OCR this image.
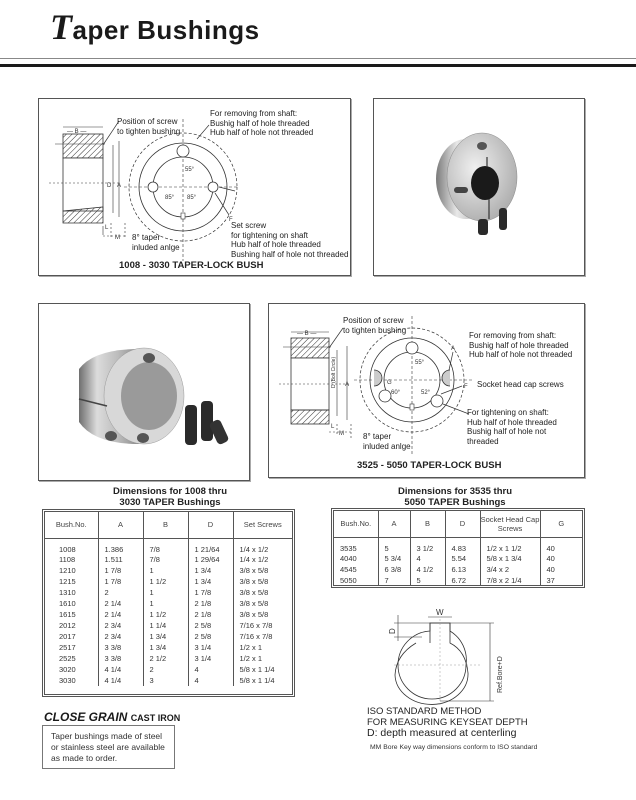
Taper Bushings
— B —
D A
L
M
55°
85° 85°
F
Position of screw
to tighten bushing
For removing from shaft:
Bushig half of hole threaded
Hub half of hole not threaded
Set screw
for tightening on shaft
Hub half of hole threaded
Bushing half of hole not threaded
8° taper
inluded anlge
1008 - 3030 TAPER-LOCK BUSH
— B —
D (Bolt Circle) A
L
M
55°
60°	52°
G
A
F
Position of screw
to tighten bushing
For removing from shaft:
Bushig half of hole threaded
Hub half of hole not threaded
Socket head cap screws
For tightening on shaft:
Hub half of hole threaded
Bushig half of hole not
threaded
8° taper
inluded anlge
3525 - 5050 TAPER-LOCK BUSH
Dimensions for 1008 thru
3030 TAPER Bushings
Bush.No.	A	B	D	Set Screws
1008	1.386	7/8	1 21/64	1/4 x 1/2
1108	1.511	7/8	1 29/64	1/4 x 1/2
1210	1 7/8	1	1 3/4	3/8 x 5/8
1215	1 7/8	1 1/2	1 3/4	3/8 x 5/8
1310	2	1	1 7/8	3/8 x 5/8
1610	2 1/4	1	2 1/8	3/8 x 5/8
1615	2 1/4	1 1/2	2 1/8	3/8 x 5/8
2012	2 3/4	1 1/4	2 5/8	7/16 x 7/8
2017	2 3/4	1 3/4	2 5/8	7/16 x 7/8
2517	3 3/8	1 3/4	3 1/4	1/2 x 1
2525	3 3/8	2 1/2	3 1/4	1/2 x 1
3020	4 1/4	2	4	5/8 x 1 1/4
3030	4 1/4	3	4	5/8 x 1 1/4
Dimensions for 3535 thru
5050 TAPER Bushings
Bush.No.	A	B	D	Socket Head Cap Screws	G
3535	5	3 1/2	4.83	1/2 x 1 1/2	40
4040	5 3/4	4	5.54	5/8 x 1 3/4	40
4545	6 3/8	4 1/2	6.13	3/4 x 2	40
5050	7	5	6.72	7/8 x 2 1/4	37
W
D
Ref.Bore+D
CLOSE GRAIN CAST IRON
Taper bushings made of steel or stainless steel are available as made to order.
ISO STANDARD METHOD
FOR MEASURING KEYSEAT DEPTH
D: depth measured at centerling
MM Bore Key way dimensions conform to ISO standard
